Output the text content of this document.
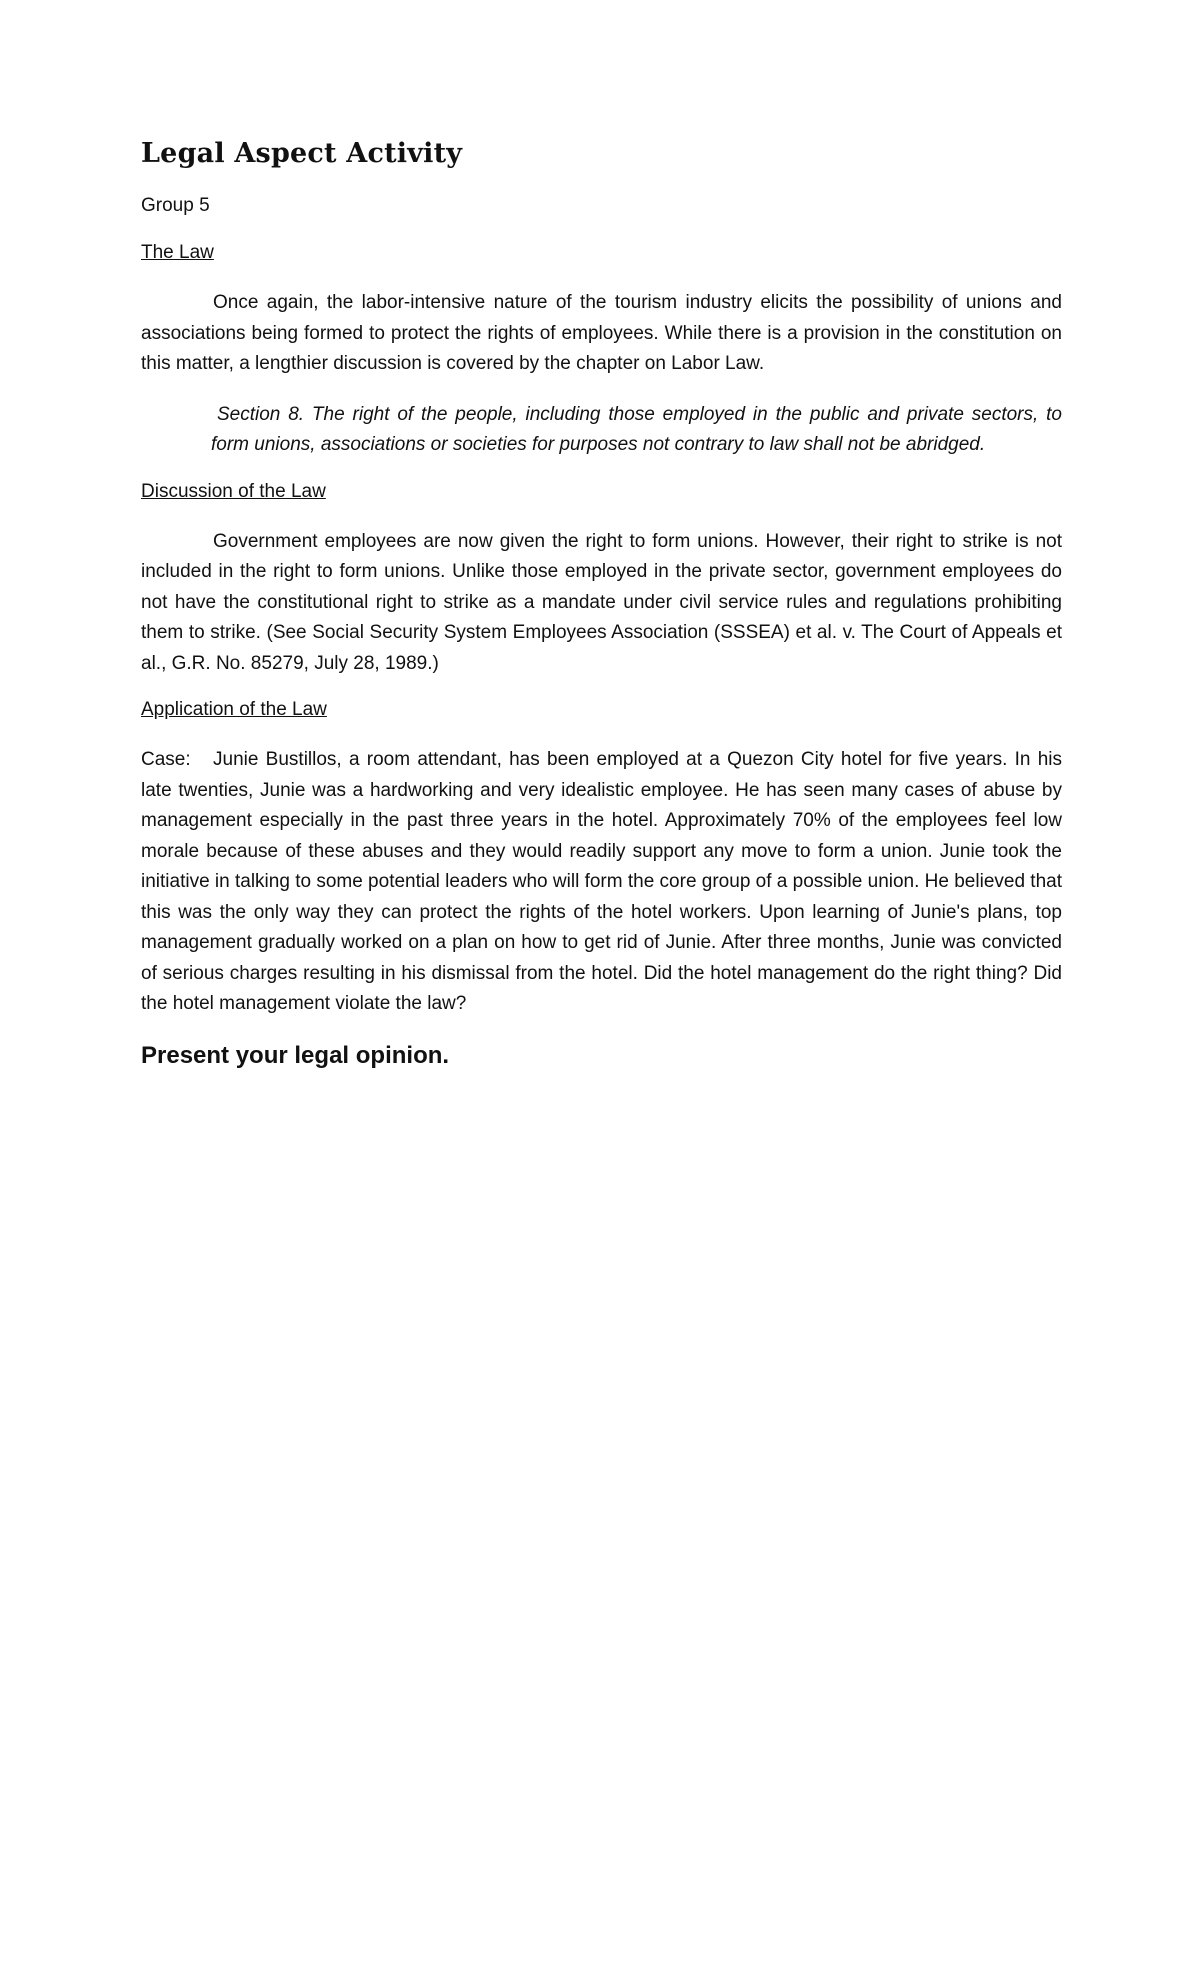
Legal Aspect Activity
Group 5
The Law

Once again, the labor-intensive nature of the tourism industry elicits the possibility of unions and associations being formed to protect the rights of employees. While there is a provision in the constitution on this matter, a lengthier discussion is covered by the chapter on Labor Law.

Section 8. The right of the people, including those employed in the public and private sectors, to form unions, associations or societies for purposes not contrary to law shall not be abridged.

Discussion of the Law

Government employees are now given the right to form unions. However, their right to strike is not included in the right to form unions. Unlike those employed in the private sector, government employees do not have the constitutional right to strike as a mandate under civil service rules and regulations prohibiting them to strike. (See Social Security System Employees Association (SSSEA) et al. v. The Court of Appeals et al., G.R. No. 85279, July 28, 1989.)

Application of the Law

Case: Junie Bustillos, a room attendant, has been employed at a Quezon City hotel for five years. In his late twenties, Junie was a hardworking and very idealistic employee. He has seen many cases of abuse by management especially in the past three years in the hotel. Approximately 70% of the employees feel low morale because of these abuses and they would readily support any move to form a union. Junie took the initiative in talking to some potential leaders who will form the core group of a possible union. He believed that this was the only way they can protect the rights of the hotel workers. Upon learning of Junie's plans, top management gradually worked on a plan on how to get rid of Junie. After three months, Junie was convicted of serious charges resulting in his dismissal from the hotel. Did the hotel management do the right thing? Did the hotel management violate the law?

Present your legal opinion.
